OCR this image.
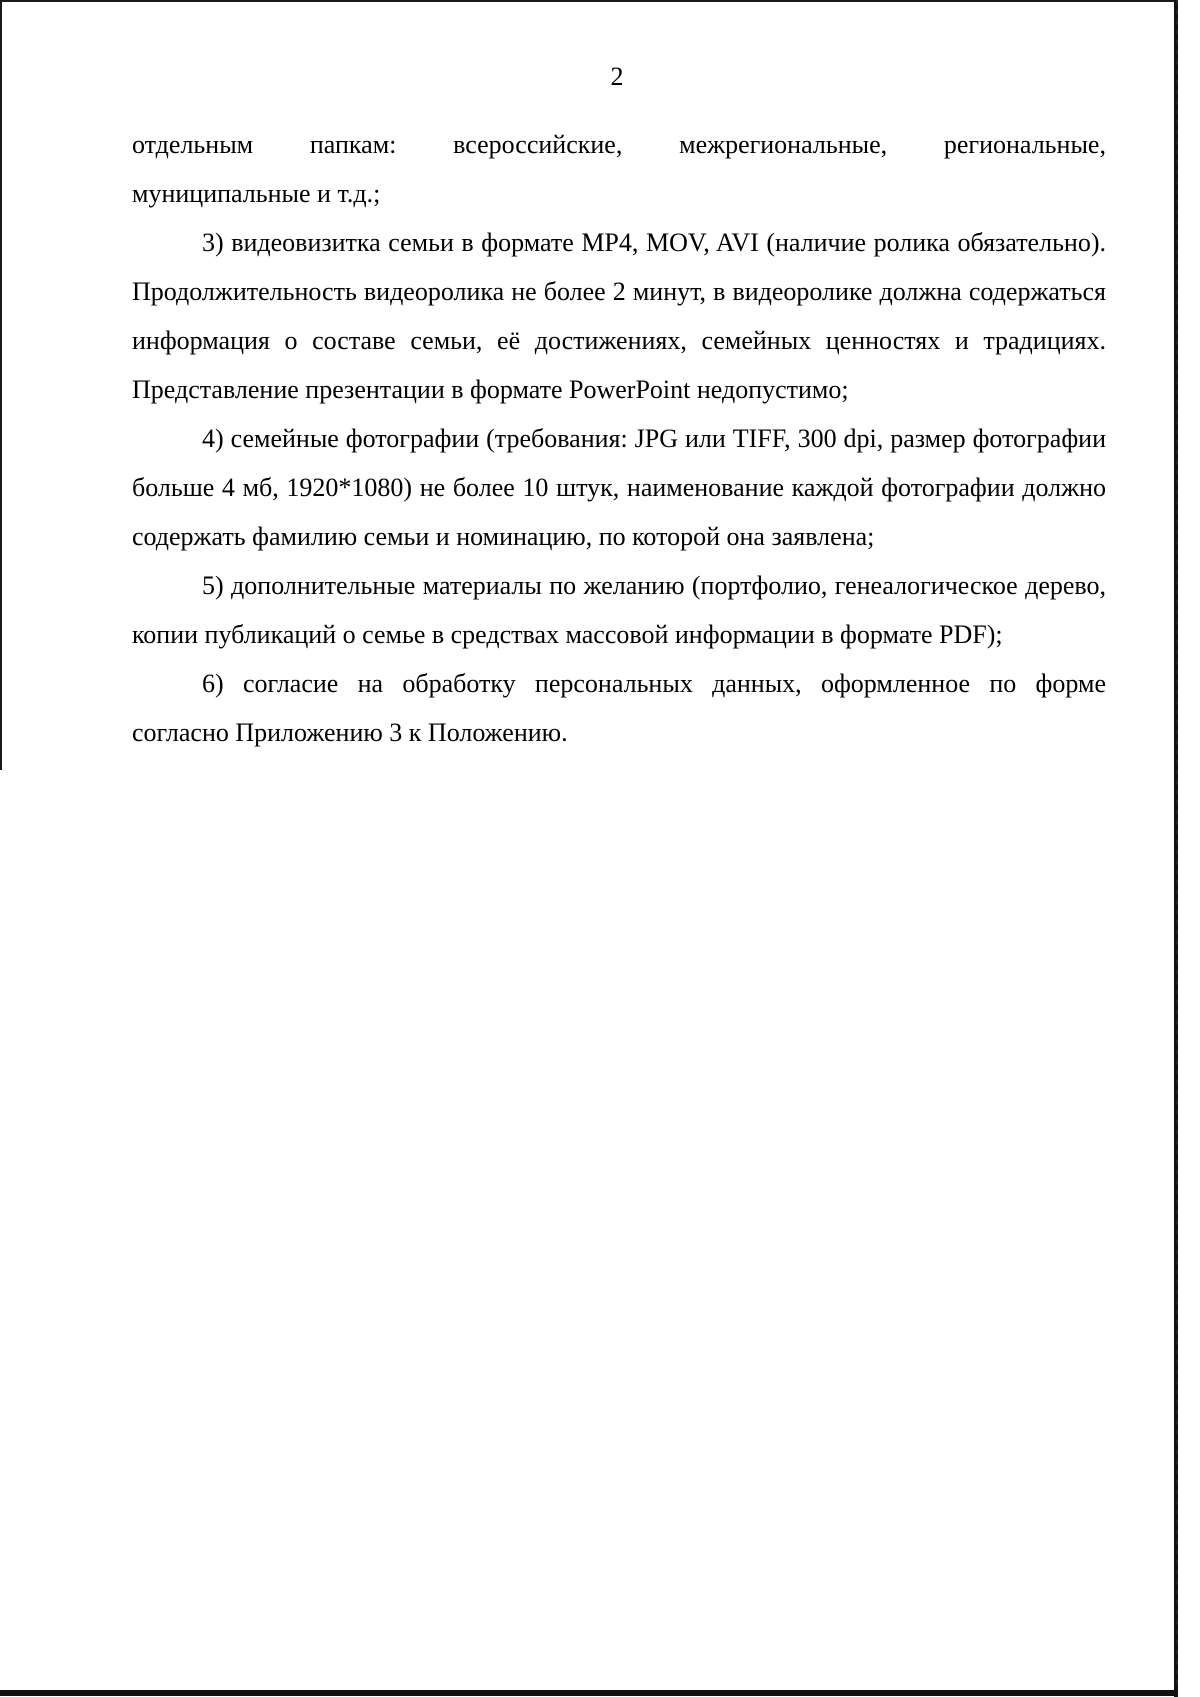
2
отдельным папкам: всероссийские, межрегиональные, региональные,

муниципальные и т.д.;

3) видеовизитка семьи в формате MP4, MOV, AVI (наличие ролика обязательно). Продолжительность видеоролика не более 2 минут, в видеоролике должна содержаться информация о составе семьи, её достижениях, семейных ценностях и традициях. Представление презентации в формате PowerPoint недопустимо;

4) семейные фотографии (требования: JPG или TIFF, 300 dpi, размер фотографии больше 4 мб, 1920*1080) не более 10 штук, наименование каждой фотографии должно содержать фамилию семьи и номинацию, по которой она заявлена;

5) дополнительные материалы по желанию (портфолио, генеалогическое дерево, копии публикаций о семье в средствах массовой информации в формате PDF);

6) согласие на обработку персональных данных, оформленное по форме согласно Приложению 3 к Положению.
